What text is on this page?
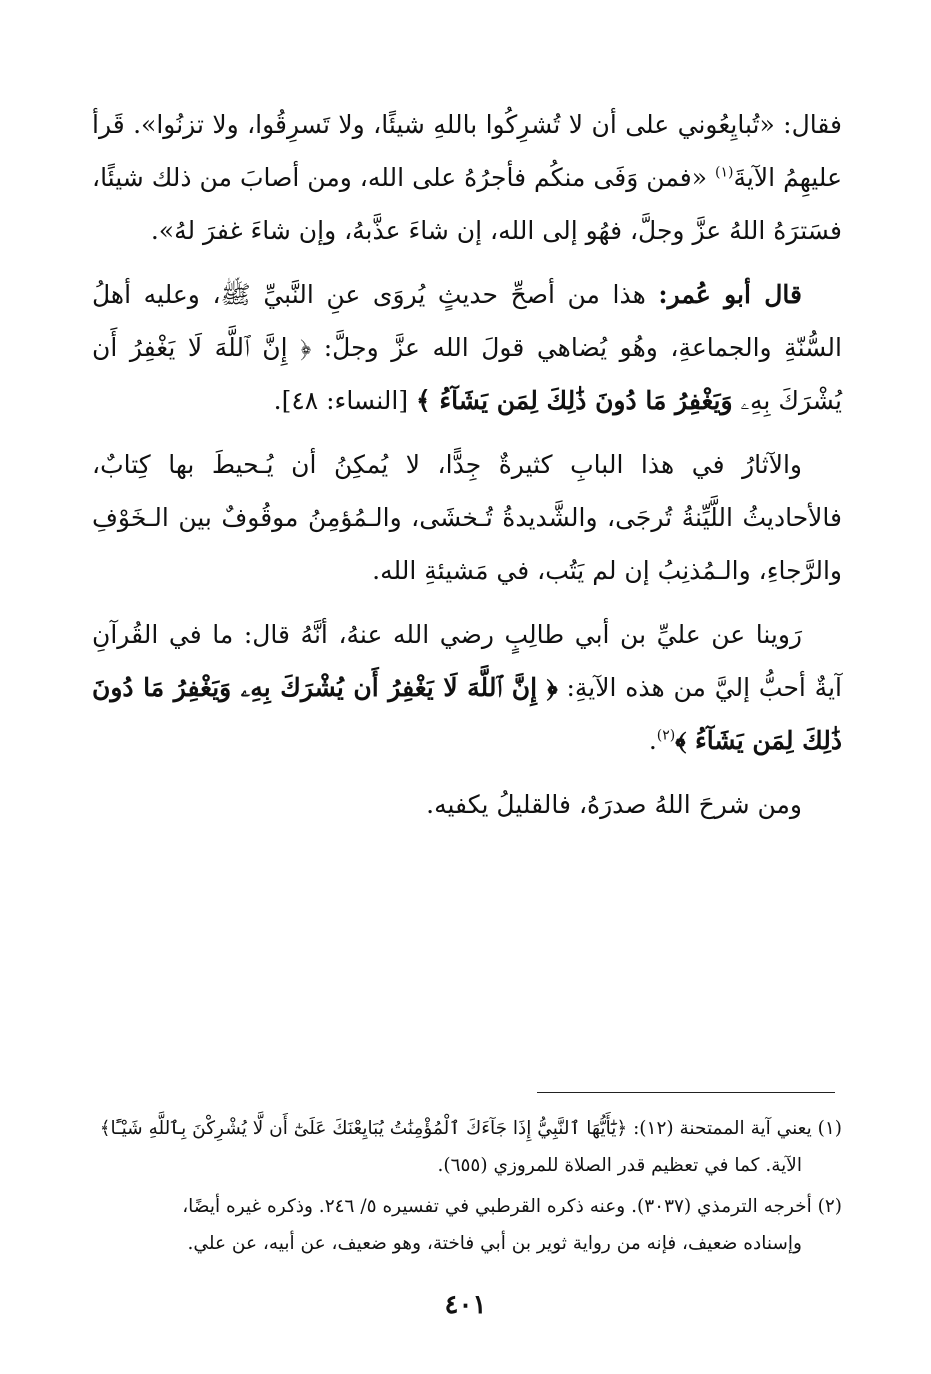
فقال: «تُبايِعُوني على أن لا تُشرِكُوا باللهِ شيئًا، ولا تَسرِقُوا، ولا تزنُوا». قَرأ عليهِمُ الآيةَ$^{(١)}$ «فمن وَفَى منكُم فأجرُهُ على الله، ومن أصابَ من ذلك شيئًا، فسَترَهُ اللهُ عزَّ وجلَّ، فهُو إلى الله، إن شاءَ عذَّبهُ، وإن شاءَ غفرَ لهُ».

قال أبو عُمر: هذا من أصحِّ حديثٍ يُروَى عنِ النَّبيِّ ﷺ، وعليه أهلُ السُّنّةِ والجماعةِ، وهُو يُضاهي قولَ الله عزَّ وجلَّ: ﴿ إِنَّ ٱللَّهَ لَا يَغْفِرُ أَن يُشْرَكَ بِهِۦ وَيَغْفِرُ مَا دُونَ ذَٰلِكَ لِمَن يَشَآءُ ﴾ [النساء: ٤٨].

والآثارُ في هذا البابِ كثيرةٌ جِدًّا، لا يُمكِنُ أن يُـحيطَ بها كِتابٌ، فالأحاديثُ اللَّيِّنةُ تُرجَى، والشَّديدةُ تُـخشَى، والـمُؤمِنُ موقُوفٌ بين الـخَوْفِ والرَّجاءِ، والـمُذنِبُ إن لم يَتُب، في مَشيئةِ الله.

رَوينا عن عليِّ بن أبي طالِبٍ رضي الله عنهُ، أنَّهُ قال: ما في القُرآنِ آيةٌ أحبُّ إليَّ من هذه الآيةِ: ﴿ إِنَّ ٱللَّهَ لَا يَغْفِرُ أَن يُشْرَكَ بِهِۦ وَيَغْفِرُ مَا دُونَ ذَٰلِكَ لِمَن يَشَآءُ ﴾$^{(٢)}$.

ومن شرحَ اللهُ صدرَهُ، فالقليلُ يكفيه.

(١) يعني آية الممتحنة (١٢): ﴿يَٰٓأَيُّهَا ٱلنَّبِيُّ إِذَا جَآءَكَ ٱلْمُؤْمِنَٰتُ يُبَايِعْنَكَ عَلَىٰٓ أَن لَّا يُشْرِكْنَ بِٱللَّهِ شَيْـًٔا﴾
الآية. كما في تعظيم قدر الصلاة للمروزي (٦٥٥).

(٢) أخرجه الترمذي (٣٠٣٧). وعنه ذكره القرطبي في تفسيره ٥/ ٢٤٦. وذكره غيره أيضًا،
وإسناده ضعيف، فإنه من رواية ثوير بن أبي فاختة، وهو ضعيف، عن أبيه، عن علي.

٤٠١
